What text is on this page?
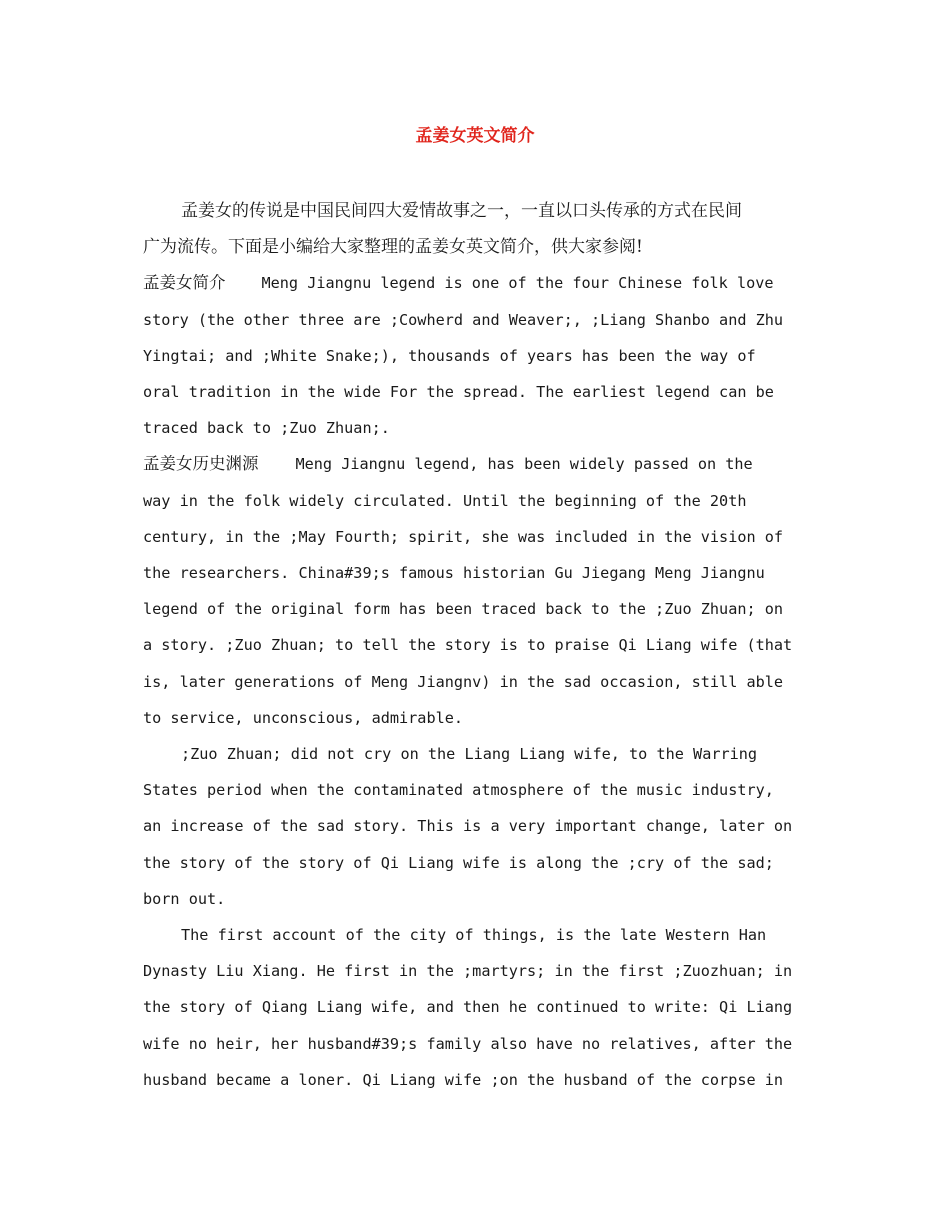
孟姜女英文简介

孟姜女的传说是中国民间四大爱情故事之一，一直以口头传承的方式在民间

广为流传。下面是小编给大家整理的孟姜女英文简介，供大家参阅!

孟姜女简介 Meng Jiangnu legend is one of the four Chinese folk love

story (the other three are ;Cowherd and Weaver;, ;Liang Shanbo and Zhu

Yingtai; and ;White Snake;), thousands of years has been the way of

oral tradition in the wide For the spread. The earliest legend can be

traced back to ;Zuo Zhuan;.

孟姜女历史渊源 Meng Jiangnu legend, has been widely passed on the

way in the folk widely circulated. Until the beginning of the 20th

century, in the ;May Fourth; spirit, she was included in the vision of

the researchers. China#39;s famous historian Gu Jiegang Meng Jiangnu

legend of the original form has been traced back to the ;Zuo Zhuan; on

a story. ;Zuo Zhuan; to tell the story is to praise Qi Liang wife (that

is, later generations of Meng Jiangnv) in the sad occasion, still able

to service, unconscious, admirable.

;Zuo Zhuan; did not cry on the Liang Liang wife, to the Warring

States period when the contaminated atmosphere of the music industry,

an increase of the sad story. This is a very important change, later on

the story of the story of Qi Liang wife is along the ;cry of the sad;

born out.

The first account of the city of things, is the late Western Han

Dynasty Liu Xiang. He first in the ;martyrs; in the first ;Zuozhuan; in

the story of Qiang Liang wife, and then he continued to write: Qi Liang

wife no heir, her husband#39;s family also have no relatives, after the

husband became a loner. Qi Liang wife ;on the husband of the corpse in
